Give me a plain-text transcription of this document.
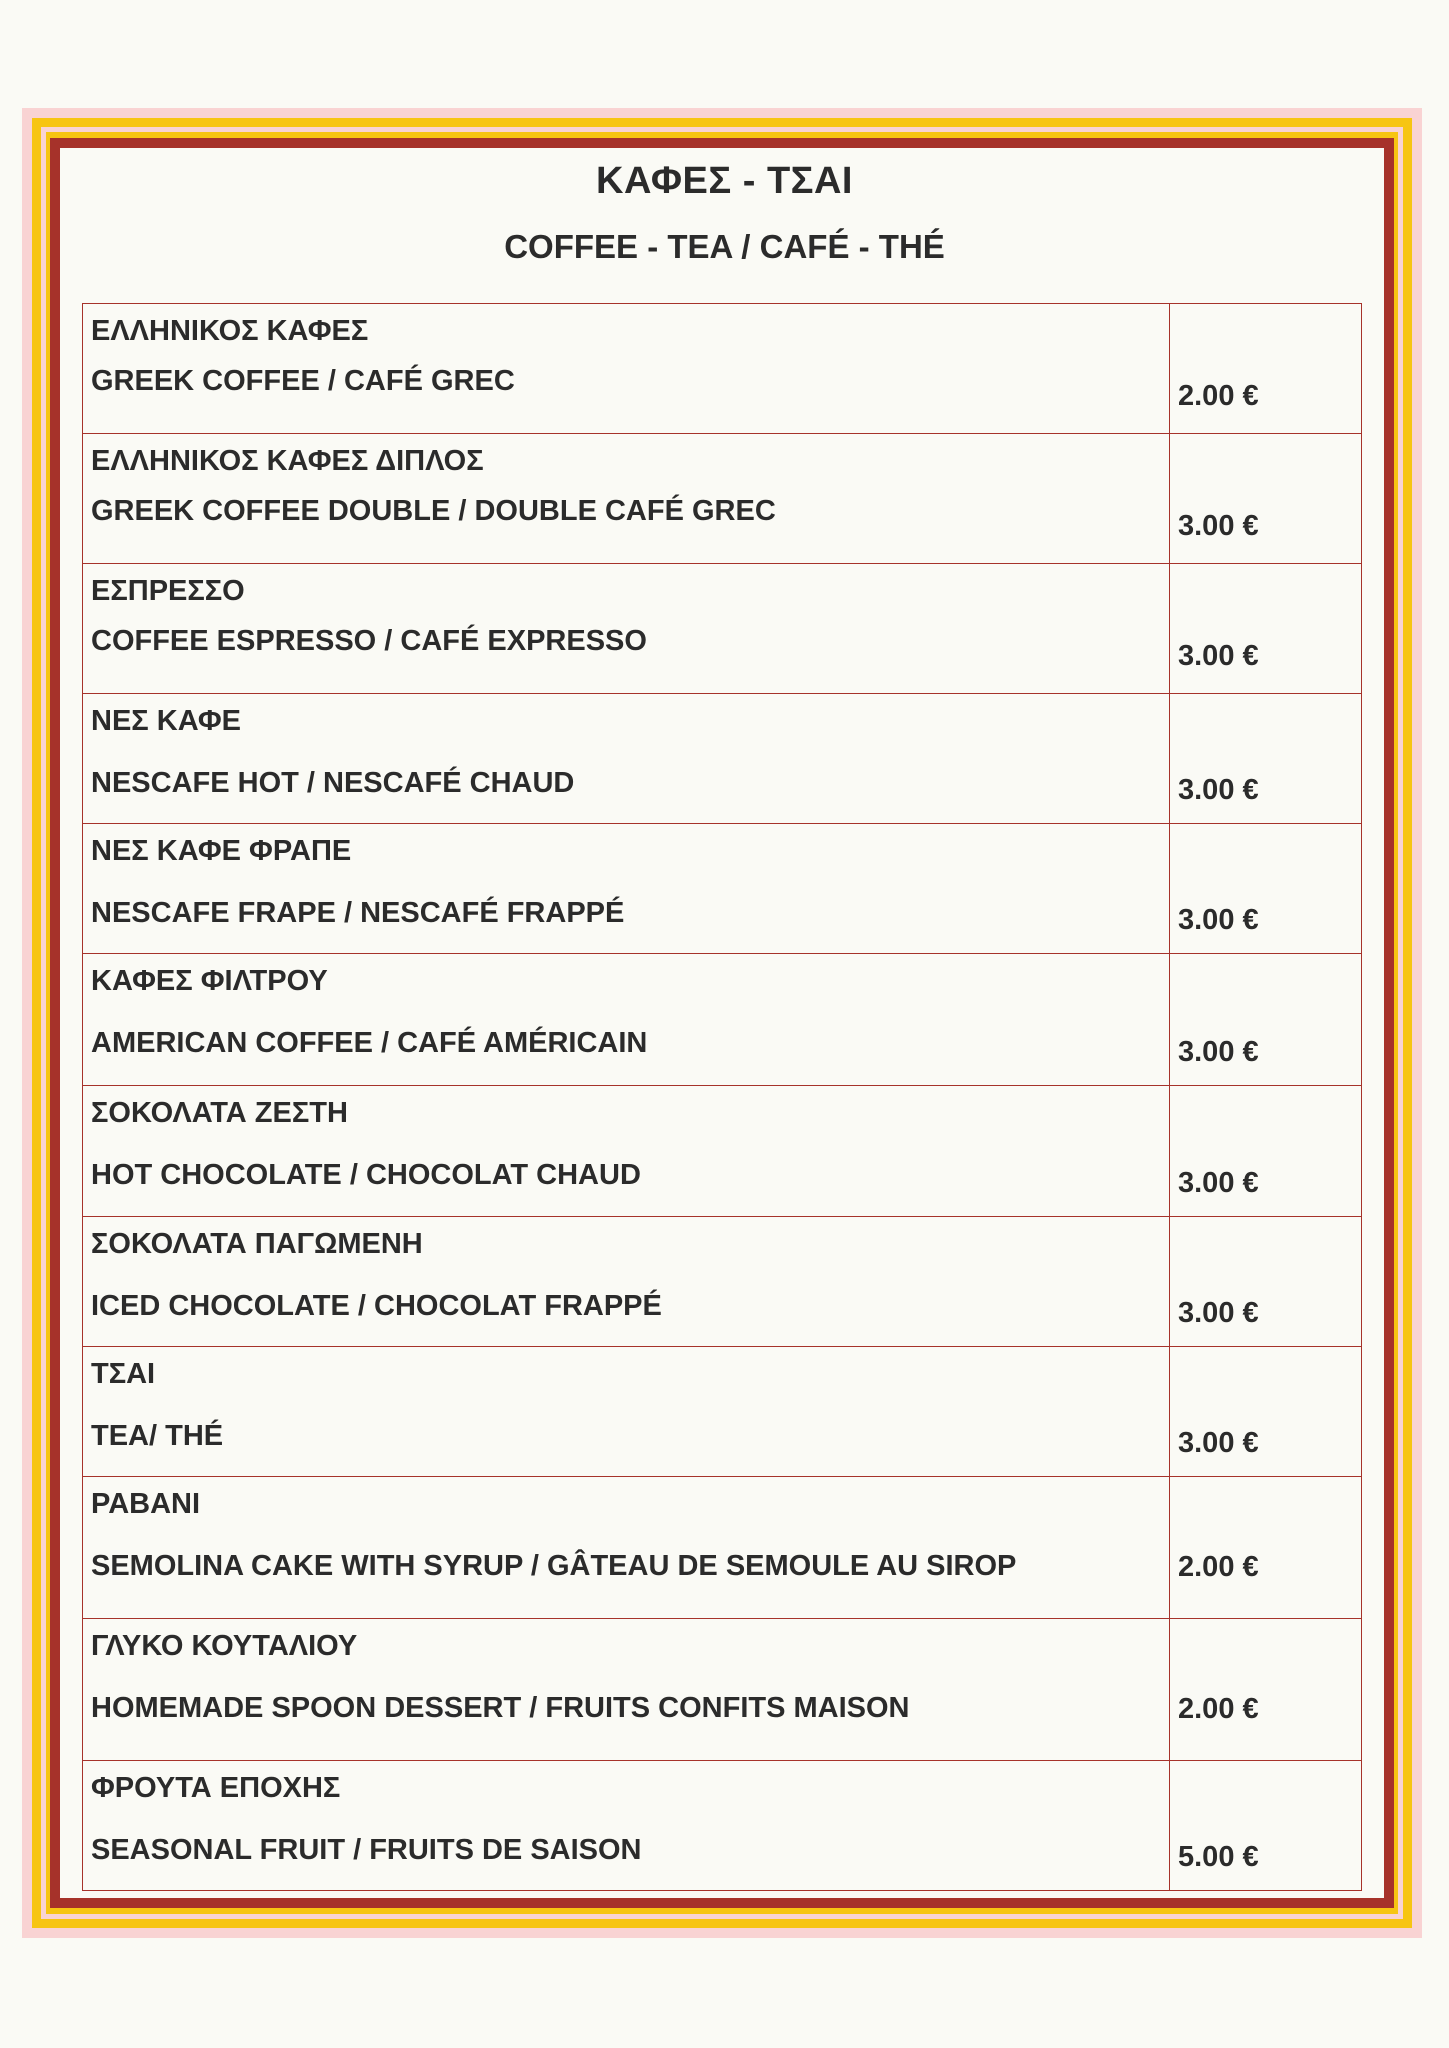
ΚΑΦΕΣ - ΤΣΑΙ
COFFEE - TEA / CAFÉ - THÉ
ΕΛΛΗΝΙΚΟΣ ΚΑΦΕΣ
GREEK COFFEE / CAFÉ GREC	2.00 €

ΕΛΛΗΝΙΚΟΣ ΚΑΦΕΣ ΔΙΠΛΟΣ
GREEK COFFEE DOUBLE / DOUBLE CAFÉ GREC	3.00 €

ΕΣΠΡΕΣΣΟ
COFFEE ESPRESSO / CAFÉ EXPRESSO	3.00 €

ΝΕΣ ΚΑΦΕ
NESCAFE HOT / NESCAFÉ CHAUD	3.00 €

ΝΕΣ ΚΑΦΕ ΦΡΑΠΕ
NESCAFE FRAPE / NESCAFÉ FRAPPÉ	3.00 €

ΚΑΦΕΣ ΦΙΛΤΡΟΥ
AMERICAN COFFEE / CAFÉ AMÉRICAIN	3.00 €

ΣΟΚΟΛΑΤΑ ΖΕΣΤΗ
HOT CHOCOLATE / CHOCOLAT CHAUD	3.00 €

ΣΟΚΟΛΑΤΑ ΠΑΓΩΜΕΝΗ
ICED CHOCOLATE / CHOCOLAT FRAPPÉ	3.00 €

ΤΣΑΙ
TEA/ THÉ	3.00 €

ΡΑΒΑΝΙ
SEMOLINA CAKE WITH SYRUP / GÂTEAU DE SEMOULE AU SIROP	2.00 €

ΓΛΥΚΟ ΚΟΥΤΑΛΙΟΥ
HOMEMADE SPOON DESSERT / FRUITS CONFITS MAISON	2.00 €

ΦΡΟΥΤΑ ΕΠΟΧΗΣ
SEASONAL FRUIT / FRUITS DE SAISON	5.00 €
